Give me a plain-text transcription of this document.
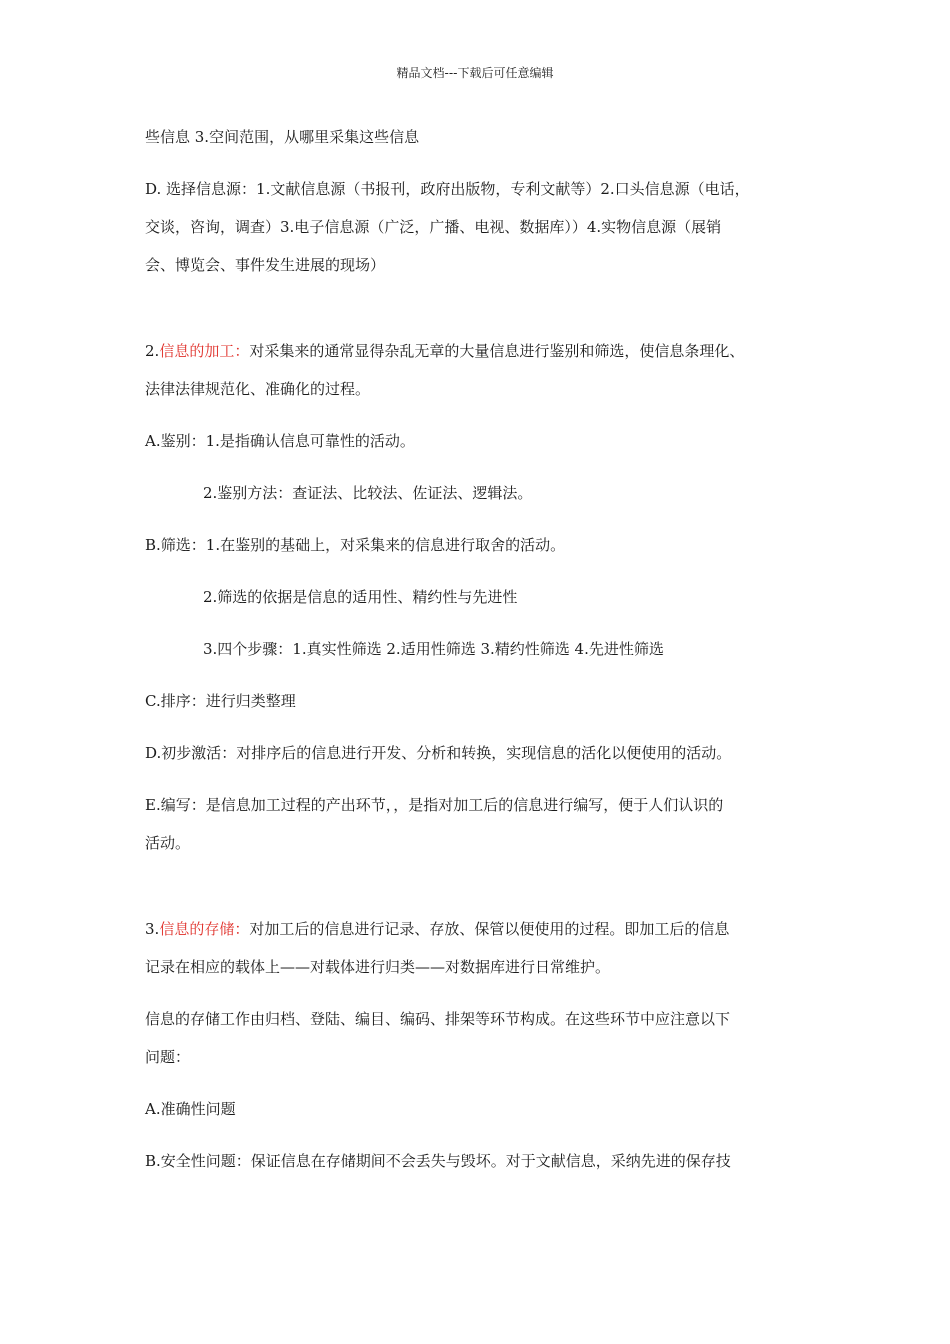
精品文档---下载后可任意编辑
些信息 3.空间范围，从哪里采集这些信息
D. 选择信息源：1.文献信息源（书报刊，政府出版物，专利文献等）2.口头信息源（电话，
交谈，咨询，调查）3.电子信息源（广泛，广播、电视、数据库））4.实物信息源（展销
会、博览会、事件发生进展的现场）
2.信息的加工：对采集来的通常显得杂乱无章的大量信息进行鉴别和筛选，使信息条理化、
法律法律规范化、准确化的过程。
A.鉴别：1.是指确认信息可靠性的活动。
2.鉴别方法：查证法、比较法、佐证法、逻辑法。
B.筛选：1.在鉴别的基础上，对采集来的信息进行取舍的活动。
2.筛选的依据是信息的适用性、精约性与先进性
3.四个步骤：1.真实性筛选 2.适用性筛选 3.精约性筛选 4.先进性筛选
C.排序：进行归类整理
D.初步激活：对排序后的信息进行开发、分析和转换，实现信息的活化以便使用的活动。
E.编写：是信息加工过程的产出环节，，是指对加工后的信息进行编写，便于人们认识的
活动。
3.信息的存储：对加工后的信息进行记录、存放、保管以便使用的过程。即加工后的信息
记录在相应的载体上——对载体进行归类——对数据库进行日常维护。
信息的存储工作由归档、登陆、编目、编码、排架等环节构成。在这些环节中应注意以下
问题：
A.准确性问题
B.安全性问题：保证信息在存储期间不会丢失与毁坏。对于文献信息，采纳先进的保存技
